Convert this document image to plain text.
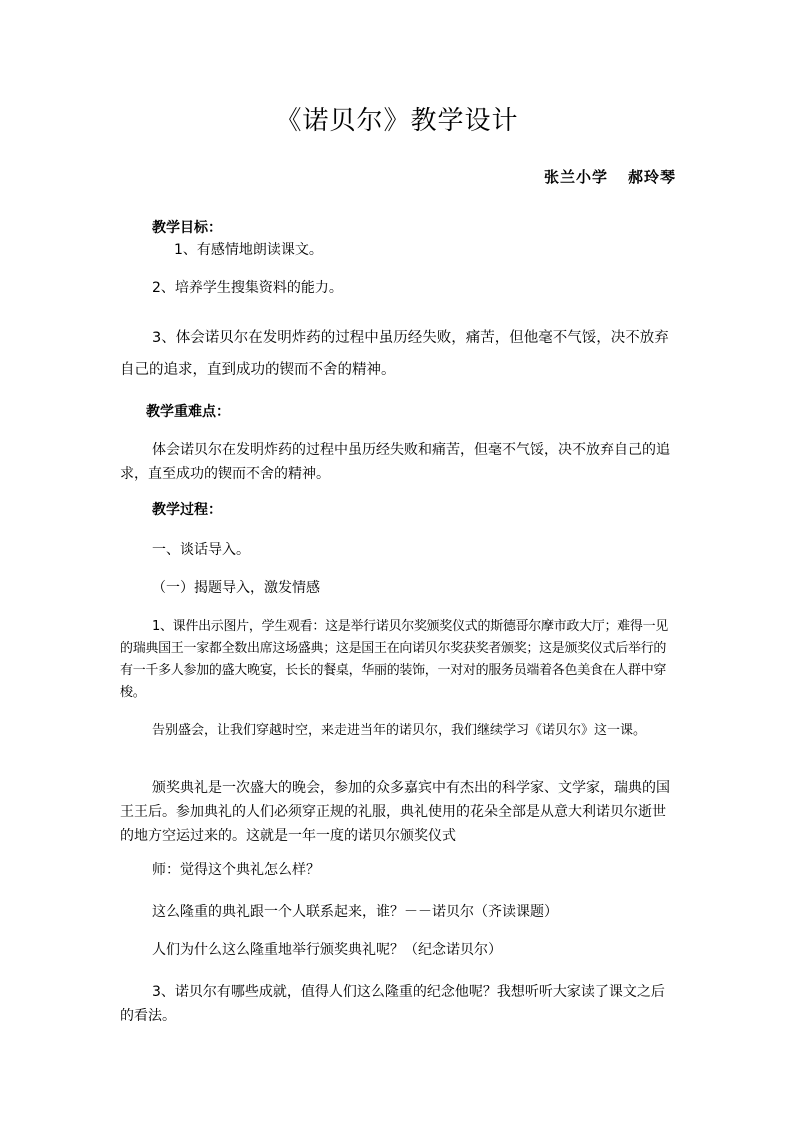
《诺贝尔》教学设计
张兰小学 郝玲琴

教学目标：

1、有感情地朗读课文。

2、培养学生搜集资料的能力。

3、体会诺贝尔在发明炸药的过程中虽历经失败，痛苦，但他毫不气馁，决不放弃自己的追求，直到成功的锲而不舍的精神。

教学重难点：

体会诺贝尔在发明炸药的过程中虽历经失败和痛苦，但毫不气馁，决不放弃自己的追求，直至成功的锲而不舍的精神。

教学过程：

一、谈话导入。

（一）揭题导入，激发情感

1、课件出示图片，学生观看：这是举行诺贝尔奖颁奖仪式的斯德哥尔摩市政大厅；难得一见的瑞典国王一家都全数出席这场盛典；这是国王在向诺贝尔奖获奖者颁奖；这是颁奖仪式后举行的有一千多人参加的盛大晚宴，长长的餐桌，华丽的装饰，一对对的服务员端着各色美食在人群中穿梭。

告别盛会，让我们穿越时空，来走进当年的诺贝尔，我们继续学习《诺贝尔》这一课。

颁奖典礼是一次盛大的晚会，参加的众多嘉宾中有杰出的科学家、文学家，瑞典的国王王后。参加典礼的人们必须穿正规的礼服，典礼使用的花朵全部是从意大利诺贝尔逝世的地方空运过来的。这就是一年一度的诺贝尔颁奖仪式

师：觉得这个典礼怎么样？

这么隆重的典礼跟一个人联系起来，谁？－－诺贝尔（齐读课题）

人们为什么这么隆重地举行颁奖典礼呢？（纪念诺贝尔）

3、诺贝尔有哪些成就，值得人们这么隆重的纪念他呢？我想听听大家读了课文之后的看法。
